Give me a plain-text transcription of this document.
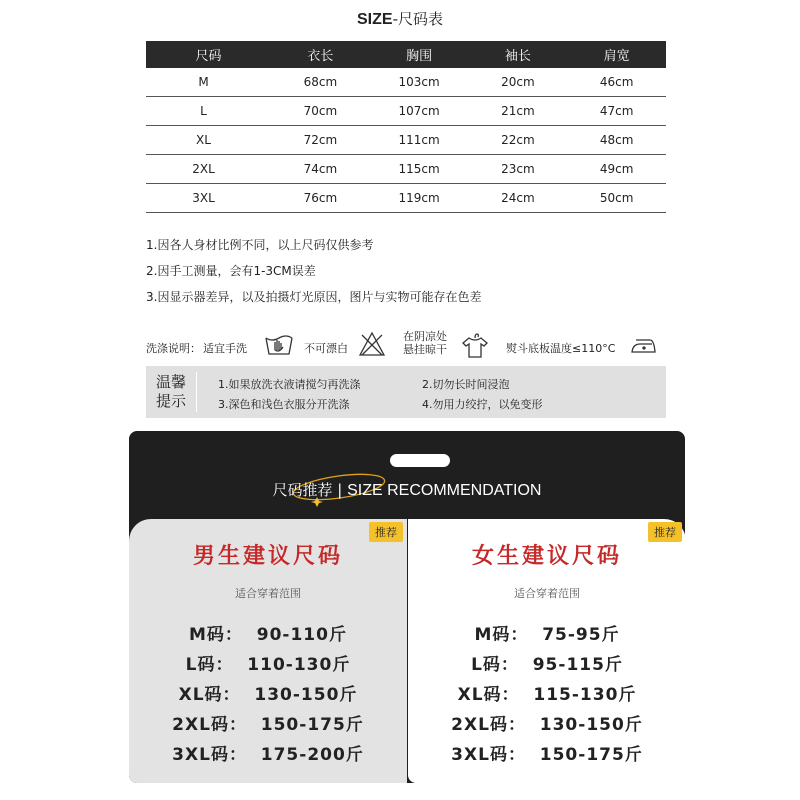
SIZE-尺码表
尺码	衣长	胸围	袖长	肩宽
M	68cm	103cm	20cm	46cm
L	70cm	107cm	21cm	47cm
XL	72cm	111cm	22cm	48cm
2XL	74cm	115cm	23cm	49cm
3XL	76cm	119cm	24cm	50cm
1.因各人身材比例不同，以上尺码仅供参考
2.因手工测量，会有1-3CM误差
3.因显示器差异，以及拍摄灯光原因，图片与实物可能存在色差
洗涤说明： 适宜手洗	不可漂白
在阴凉处
悬挂晾干	熨斗底板温度≤110°C
温馨
提示
1.如果放洗衣液请搅匀再洗涤	2.切勿长时间浸泡
3.深色和浅色衣服分开洗涤	4.勿用力绞拧，以免变形
尺码推荐 | SIZE RECOMMENDATION
推荐
男生建议尺码
适合穿着范围
M码：  90-110斤
L码：  110-130斤
XL码：  130-150斤
2XL码：  150-175斤
3XL码：  175-200斤
推荐
女生建议尺码
适合穿着范围
M码：  75-95斤
L码：  95-115斤
XL码：  115-130斤
2XL码：  130-150斤
3XL码：  150-175斤
